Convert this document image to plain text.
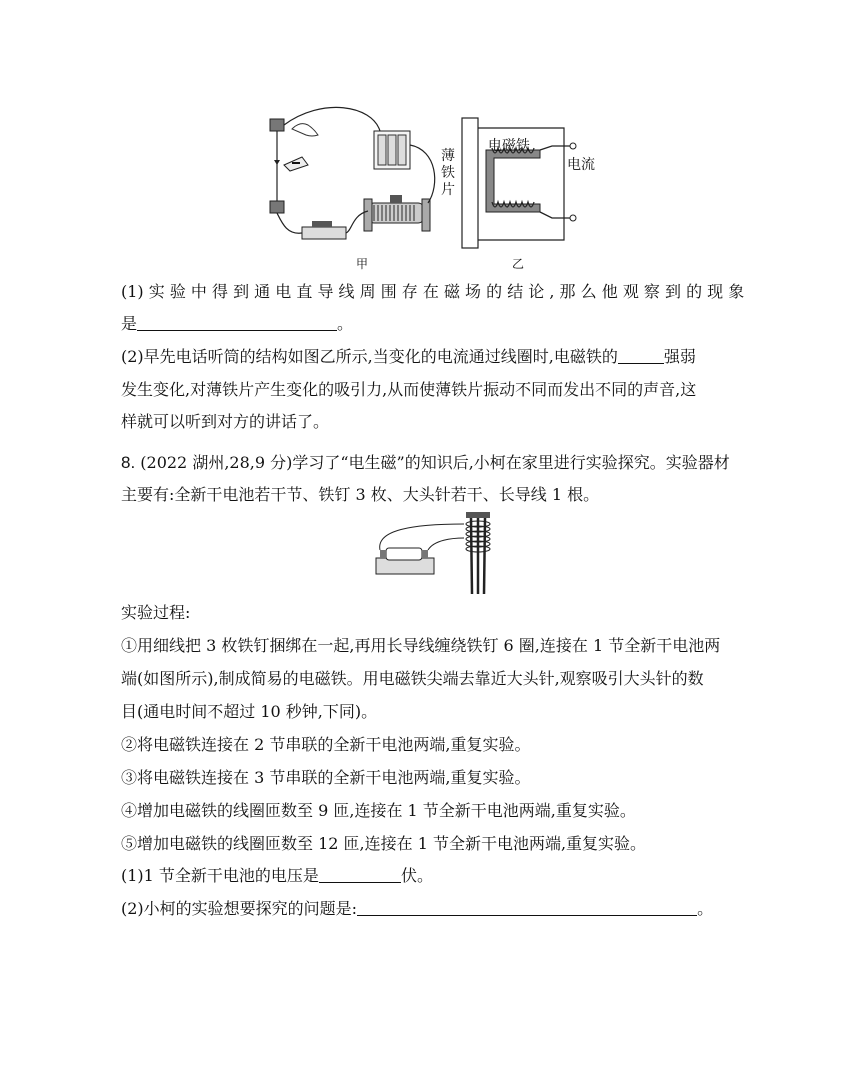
甲
电磁铁
电流
薄铁片
乙
(1) 实 验 中 得 到 通 电 直 导 线 周 围 存 在 磁 场 的 结 论 , 那 么 他 观 察 到 的 现 象
是	。
(2)早先电话听筒的结构如图乙所示,当变化的电流通过线圈时,电磁铁的	强弱
发生变化,对薄铁片产生变化的吸引力,从而使薄铁片振动不同而发出不同的声音,这
样就可以听到对方的讲话了。
8. (2022 湖州,28,9 分)学习了“电生磁”的知识后,小柯在家里进行实验探究。实验器材
主要有:全新干电池若干节、铁钉 3 枚、大头针若干、长导线 1 根。
实验过程:
①用细线把 3 枚铁钉捆绑在一起,再用长导线缠绕铁钉 6 圈,连接在 1 节全新干电池两
端(如图所示),制成简易的电磁铁。用电磁铁尖端去靠近大头针,观察吸引大头针的数
目(通电时间不超过 10 秒钟,下同)。
②将电磁铁连接在 2 节串联的全新干电池两端,重复实验。
③将电磁铁连接在 3 节串联的全新干电池两端,重复实验。
④增加电磁铁的线圈匝数至 9 匝,连接在 1 节全新干电池两端,重复实验。
⑤增加电磁铁的线圈匝数至 12 匝,连接在 1 节全新干电池两端,重复实验。
(1)1 节全新干电池的电压是	伏。
(2)小柯的实验想要探究的问题是:	。
